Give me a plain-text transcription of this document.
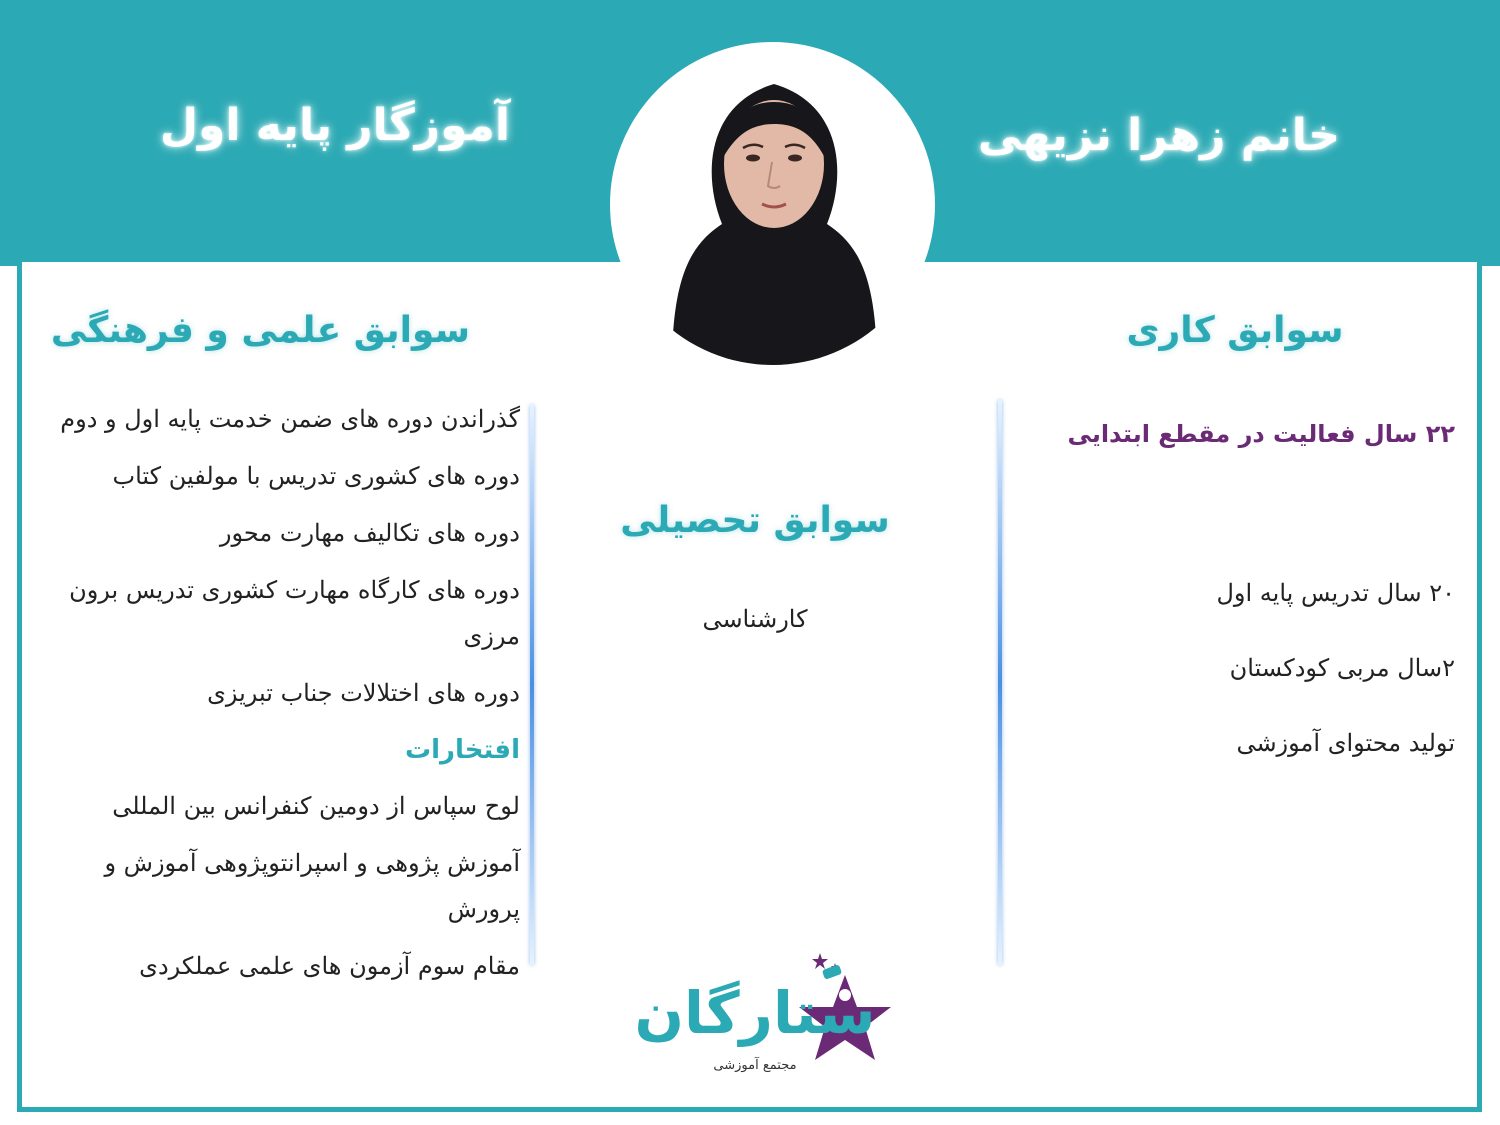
خانم زهرا نزیهی
آموزگار پایه اول
سوابق علمی و فرهنگی	سوابق کاری
سوابق تحصیلی
گذراندن دوره های ضمن خدمت پایه اول و دوم
دوره های کشوری تدریس با مولفین کتاب
دوره های تکالیف مهارت محور
دوره های کارگاه مهارت کشوری تدریس برون مرزی
دوره های اختلالات جناب تبریزی
افتخارات
لوح سپاس از دومین کنفرانس بین المللی
آموزش پژوهی و اسپرانتوپژوهی آموزش و پرورش
مقام سوم آزمون های علمی عملکردی
کارشناسی
۲۲ سال فعالیت در مقطع ابتدایی
۲۰ سال تدریس پایه اول
۲سال مربی کودکستان
تولید محتوای آموزشی
ستارگان
مجتمع آموزشی
